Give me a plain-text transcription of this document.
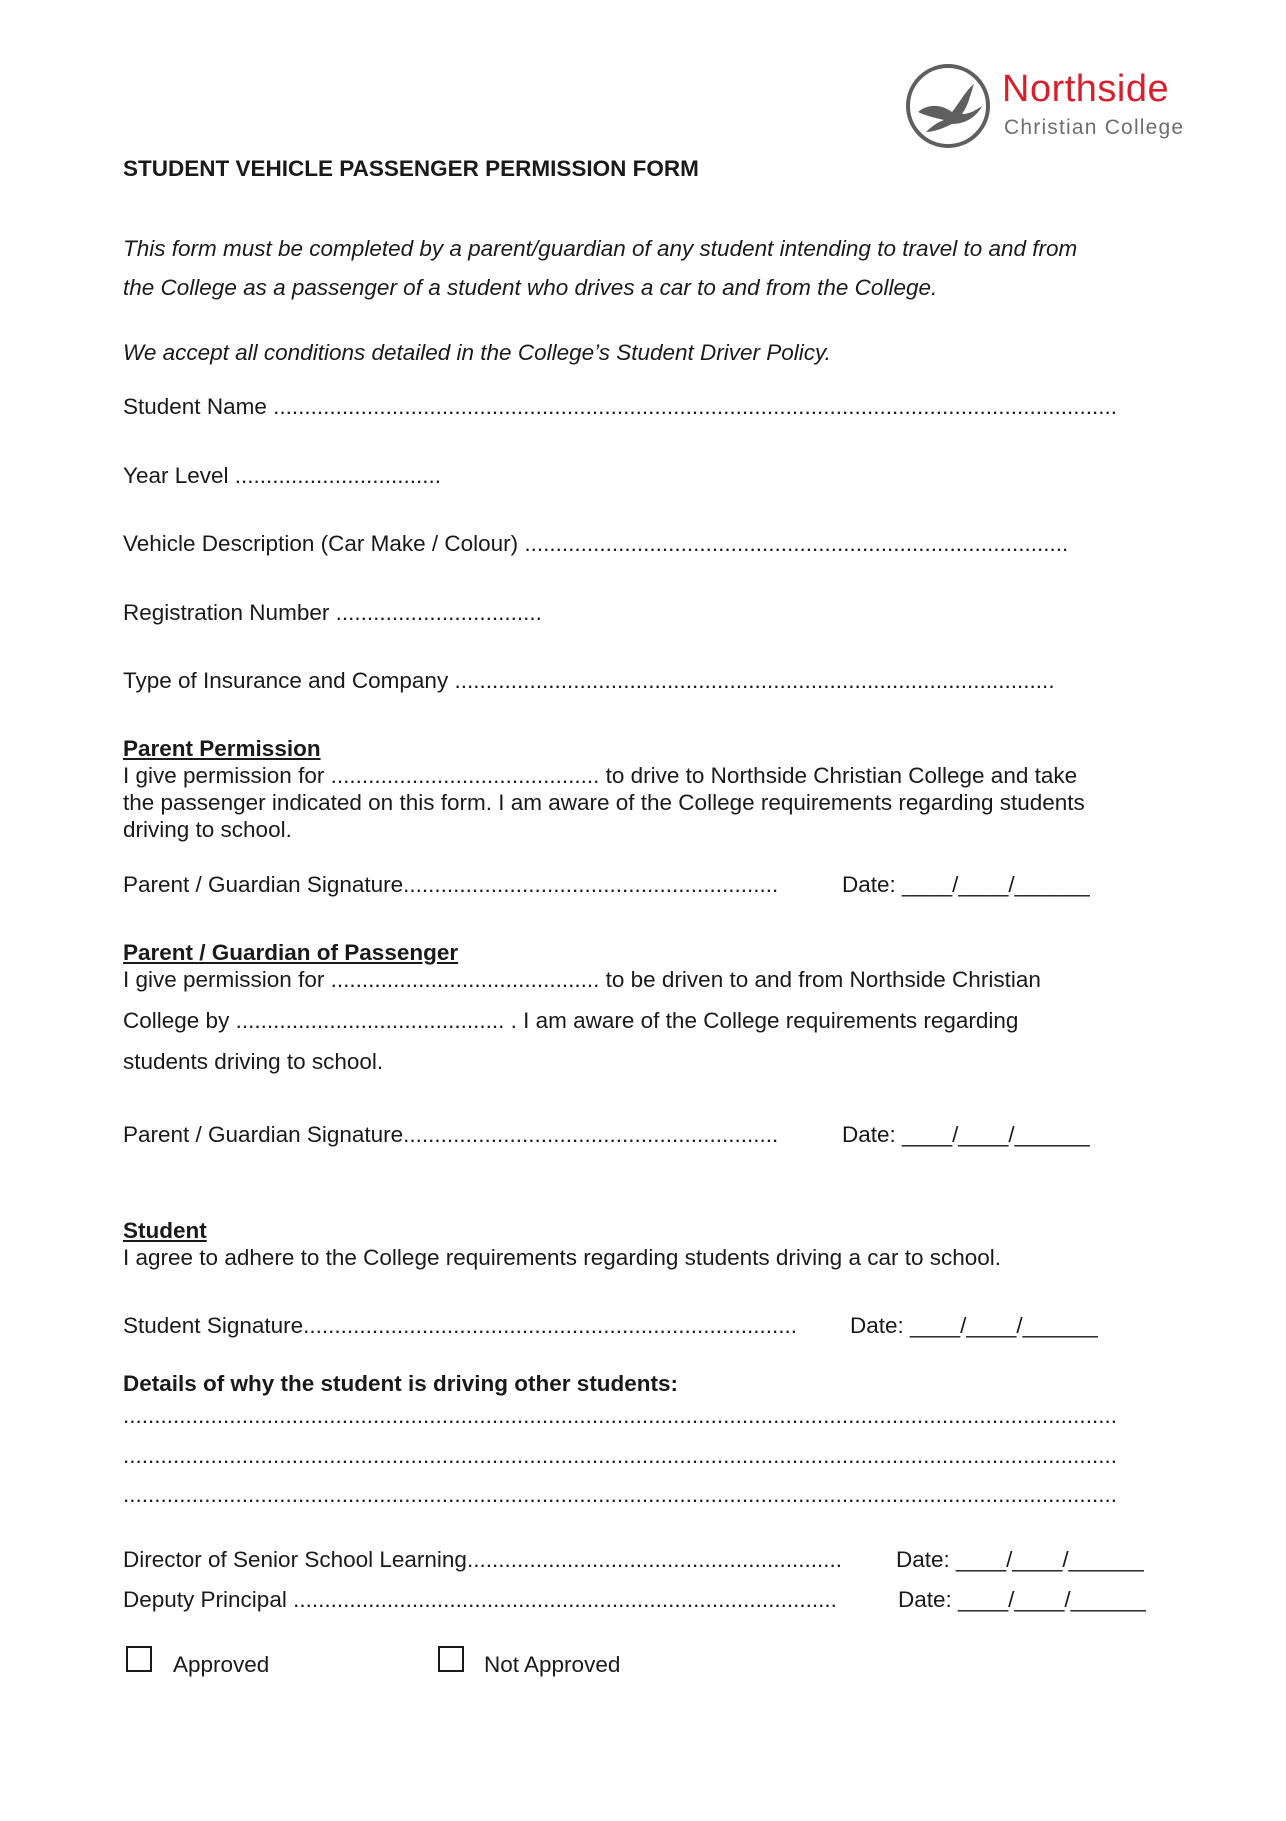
Northside
Christian College
STUDENT VEHICLE PASSENGER PERMISSION FORM
This form must be completed by a parent/guardian of any student intending to travel to and from
the College as a passenger of a student who drives a car to and from the College.
We accept all conditions detailed in the College’s Student Driver Policy.
Student Name .......................................................................................................................................
Year Level .................................
Vehicle Description (Car Make / Colour) .......................................................................................
Registration Number .................................
Type of Insurance and Company ................................................................................................
Parent Permission
I give permission for ........................................... to drive to Northside Christian College and take
the passenger indicated on this form. I am aware of the College requirements regarding students
driving to school.
Parent / Guardian Signature............................................................	Date: ____/____/______
Parent / Guardian of Passenger
I give permission for ........................................... to be driven to and from Northside Christian
College by ........................................... . I am aware of the College requirements regarding
students driving to school.
Parent / Guardian Signature............................................................	Date: ____/____/______
Student
I agree to adhere to the College requirements regarding students driving a car to school.
Student Signature............................................................................... Date: ____/____/______
Details of why the student is driving other students:
...............................................................................................................................................................
...............................................................................................................................................................
...............................................................................................................................................................
Director of Senior School Learning............................................................ Date: ____/____/______
Deputy Principal .......................................................................................	Date: ____/____/______
Approved	Not Approved
